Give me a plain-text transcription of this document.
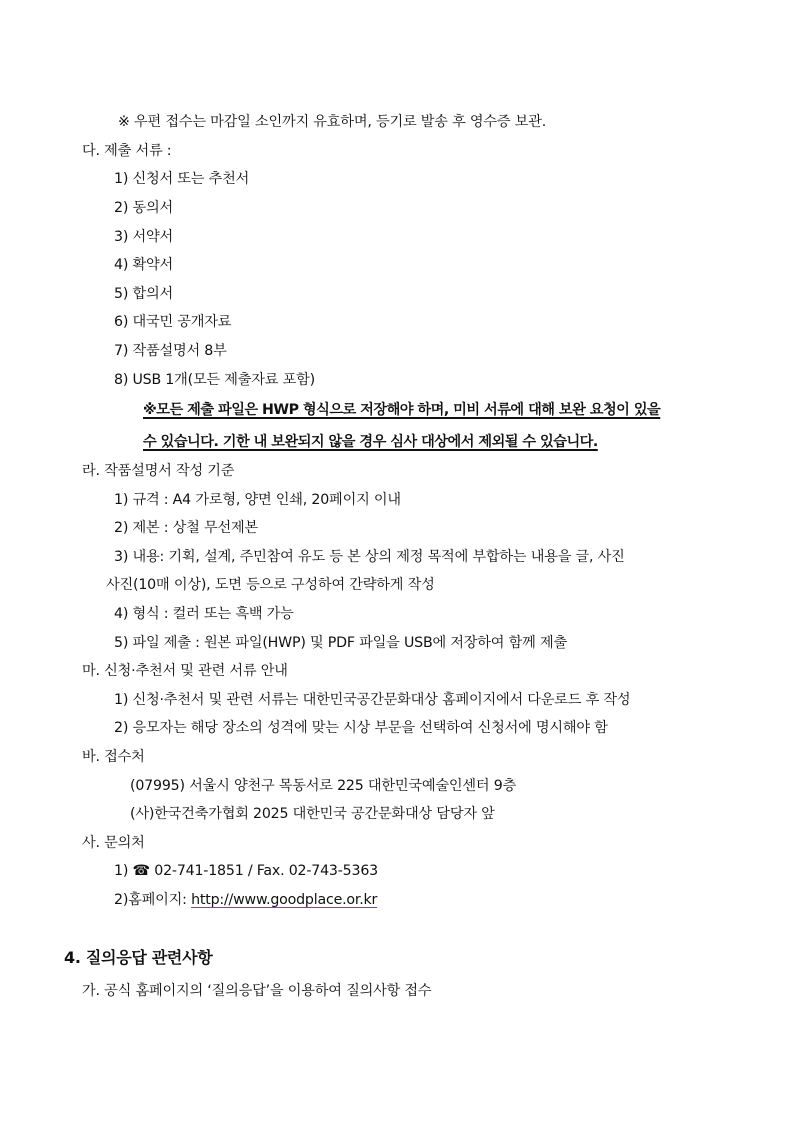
※ 우편 접수는 마감일 소인까지 유효하며, 등기로 발송 후 영수증 보관.
다. 제출 서류 :
1) 신청서 또는 추천서
2) 동의서
3) 서약서
4) 확약서
5) 합의서
6) 대국민 공개자료
7) 작품설명서 8부
8) USB 1개(모든 제출자료 포함)
※모든 제출 파일은 HWP 형식으로 저장해야 하며, 미비 서류에 대해 보완 요청이 있을
수 있습니다. 기한 내 보완되지 않을 경우 심사 대상에서 제외될 수 있습니다.
라. 작품설명서 작성 기준
1) 규격 : A4 가로형, 양면 인쇄, 20페이지 이내
2) 제본 : 상철 무선제본
3) 내용: 기획, 설계, 주민참여 유도 등 본 상의 제정 목적에 부합하는 내용을 글, 사진
사진(10매 이상), 도면 등으로 구성하여 간략하게 작성
4) 형식 : 컬러 또는 흑백 가능
5) 파일 제출 : 원본 파일(HWP) 및 PDF 파일을 USB에 저장하여 함께 제출
마. 신청·추천서 및 관련 서류 안내
1) 신청·추천서 및 관련 서류는 대한민국공간문화대상 홈페이지에서 다운로드 후 작성
2) 응모자는 해당 장소의 성격에 맞는 시상 부문을 선택하여 신청서에 명시해야 함
바. 접수처
(07995) 서울시 양천구 목동서로 225 대한민국예술인센터 9층
(사)한국건축가협회 2025 대한민국 공간문화대상 담당자 앞
사. 문의처
1) ☎ 02-741-1851 / Fax. 02-743-5363
2)홈페이지: http://www.goodplace.or.kr
4. 질의응답 관련사항
가. 공식 홈페이지의 ‘질의응답’을 이용하여 질의사항 접수
